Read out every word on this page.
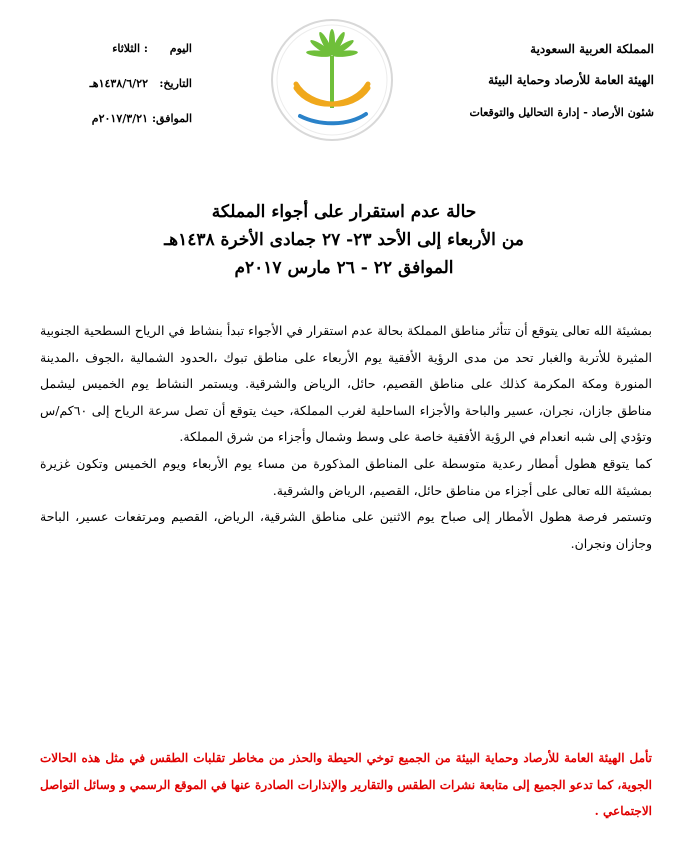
المملكة العربية السعودية
الهيئة العامة للأرصاد وحماية البيئة
شئون الأرصاد - إدارة التحاليل والتوقعات
اليوم
: الثلاثاء
التاريخ:
١٤٣٨/٦/٢٢هـ
الموافق:
٢٠١٧/٣/٢١م
حالة عدم استقرار على أجواء المملكة
من الأربعاء إلى الأحد ٢٣- ٢٧ جمادى الأخرة ١٤٣٨هـ
الموافق ٢٢ - ٢٦ مارس ٢٠١٧م

بمشيئة الله تعالى يتوقع أن تتأثر مناطق المملكة بحالة عدم استقرار في الأجواء تبدأ بنشاط في الرياح السطحية الجنوبية المثيرة للأتربة والغبار تحد من مدى الرؤية الأفقية يوم الأربعاء على مناطق تبوك ،الحدود الشمالية ،الجوف ،المدينة المنورة ومكة المكرمة كذلك على مناطق القصيم، حائل، الرياض والشرقية. ويستمر النشاط يوم الخميس ليشمل مناطق جازان، نجران، عسير والباحة والأجزاء الساحلية لغرب المملكة، حيث يتوقع أن تصل سرعة الرياح إلى ٦٠كم/س وتؤدي إلى شبه انعدام في الرؤية الأفقية خاصة على وسط وشمال وأجزاء من شرق المملكة.

كما يتوقع هطول أمطار رعدية متوسطة على المناطق المذكورة من مساء يوم الأربعاء ويوم الخميس وتكون غزيرة بمشيئة الله تعالى على أجزاء من مناطق حائل، القصيم، الرياض والشرقية.

وتستمر فرصة هطول الأمطار إلى صباح يوم الاثنين على مناطق الشرقية، الرياض، القصيم ومرتفعات عسير، الباحة وجازان ونجران.

تأمل الهيئة العامة للأرصاد وحماية البيئة من الجميع توخي الحيطة والحذر من مخاطر تقلبات الطقس في مثل هذه الحالات الجوية، كما تدعو الجميع إلى متابعة نشرات الطقس والتقارير والإنذارات الصادرة عنها في الموقع الرسمي و وسائل التواصل الاجتماعي .
